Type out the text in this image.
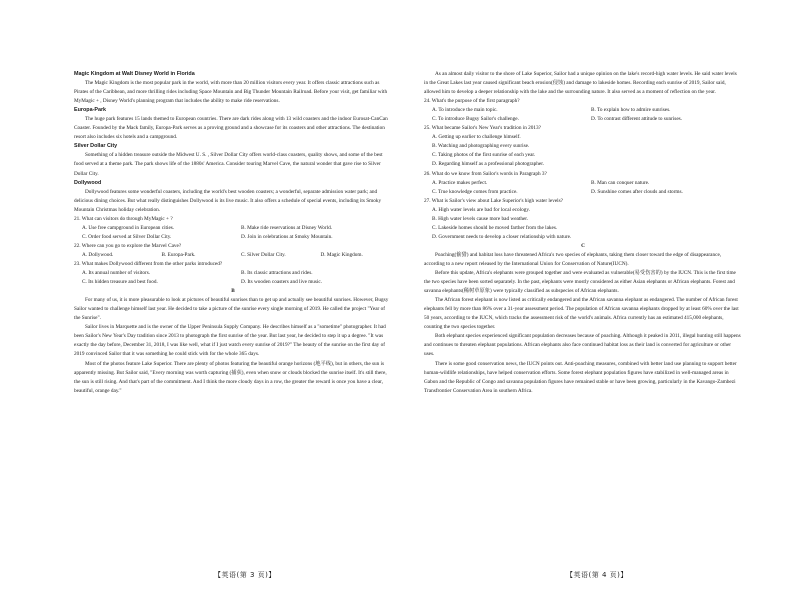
Magic Kingdom at Walt Disney World in Florida

The Magic Kingdom is the most popular park in the world, with more than 20 million visitors every year. It offers classic attractions such as Pirates of the Caribbean, and more thrilling rides including Space Mountain and Big Thunder Mountain Railroad. Before your visit, get familiar with MyMagic + , Disney World's planning program that includes the ability to make ride reservations.

Europa-Park

The huge park features 15 lands themed to European countries. There are dark rides along with 13 wild coasters and the indoor Eurosat-CanCan Coaster. Founded by the Mack family, Europa-Park serves as a proving ground and a showcase for its coasters and other attractions. The destination resort also includes six hotels and a campground.

Silver Dollar City

Something of a hidden treasure outside the Midwest U. S. , Silver Dollar City offers world-class coasters, quality shows, and some of the best food served at a theme park. The park shows life of the 1880s' America. Consider touring Marvel Cave, the natural wonder that gave rise to Silver Dollar City.

Dollywood

Dollywood features some wonderful coasters, including the world's best wooden coasters; a wonderful, separate admission water park; and delicious dining choices. But what really distinguishes Dollywood is its live music. It also offers a schedule of special events, including its Smoky Mountain Christmas holiday celebration.

21. What can visitors do through MyMagic + ?

A. Use free campground in European cities.	B. Make ride reservations at Disney World.
C. Order food served at Silver Dollar City.	D. Join in celebrations at Smoky Mountain.

22. Where can you go to explore the Marvel Cave?

A. Dollywood.	B. Europa-Park.	C. Silver Dollar City.	D. Magic Kingdom.

23. What makes Dollywood different from the other parks introduced?

A. Its annual number of visitors.	B. Its classic attractions and rides.
C. Its hidden treasure and best food.	D. Its wooden coasters and live music.

B

For many of us, it is more pleasurable to look at pictures of beautiful sunrises than to get up and actually see beautiful sunrises. However, Bugsy Sailor wanted to challenge himself last year. He decided to take a picture of the sunrise every single morning of 2019. He called the project "Year of the Sunrise".

Sailor lives in Marquette and is the owner of the Upper Peninsula Supply Company. He describes himself as a "sometime" photographer. It had been Sailor's New Year's Day tradition since 2013 to photograph the first sunrise of the year. But last year, he decided to step it up a degree. "It was exactly the day before, December 31, 2018, I was like well, what if I just watch every sunrise of 2019?" The beauty of the sunrise on the first day of 2019 convinced Sailor that it was something he could stick with for the whole 365 days.

Most of the photos feature Lake Superior. There are plenty of photos featuring the beautiful orange horizons (地平线), but in others, the sun is apparently missing. But Sailor said, "Every morning was worth capturing (捕获), even when snow or clouds blocked the sunrise itself. It's still there, the sun is still rising. And that's part of the commitment. And I think the more cloudy days in a row, the greater the reward is once you have a clear, beautiful, orange day."

As an almost daily visitor to the shore of Lake Superior, Sailor had a unique opinion on the lake's record-high water levels. He said water levels in the Great Lakes last year caused significant beach erosion(侵蚀) and damage to lakeside homes. Recording each sunrise of 2019, Sailor said, allowed him to develop a deeper relationship with the lake and the surrounding nature. It also served as a moment of reflection on the year.

24. What's the purpose of the first paragraph?

A. To introduce the main topic.	B. To explain how to admire sunrises.
C. To introduce Bugsy Sailor's challenge.	D. To contrast different attitude to sunrises.

25. What became Sailor's New Year's tradition in 2013?

A. Getting up earlier to challenge himself.

B. Watching and photographing every sunrise.

C. Taking photos of the first sunrise of each year.

D. Regarding himself as a professional photographer.

26. What do we know from Sailor's words in Paragraph 3?

A. Practice makes perfect.	B. Man can conquer nature.
C. True knowledge comes from practice.	D. Sunshine comes after clouds and storms.

27. What is Sailor's view about Lake Superior's high water levels?

A. High water levels are bad for local ecology.

B. High water levels cause more bad weather.

C. Lakeside homes should be moved farther from the lakes.

D. Government needs to develop a closer relationship with nature.

C

Poaching(偷猎) and habitat loss have threatened Africa's two species of elephants, taking them closer toward the edge of disappearance, according to a new report released by the International Union for Conservation of Nature(IUCN).

Before this update, Africa's elephants were grouped together and were evaluated as vulnerable(易受伤害的) by the IUCN. This is the first time the two species have been sorted separately. In the past, elephants were mostly considered as either Asian elephants or African elephants. Forest and savanna elephants(稀树草原象) were typically classified as subspecies of African elephants.

The African forest elephant is now listed as critically endangered and the African savanna elephant as endangered. The number of African forest elephants fell by more than 86% over a 31-year assessment period. The population of African savanna elephants dropped by at least 60% over the last 50 years, according to the IUCN, which tracks the assessment risk of the world's animals. Africa currently has an estimated 415,000 elephants, counting the two species together.

Both elephant species experienced significant population decreases because of poaching. Although it peaked in 2011, illegal hunting still happens and continues to threaten elephant populations. African elephants also face continued habitat loss as their land is converted for agriculture or other uses.

There is some good conservation news, the IUCN points out. Anti-poaching measures, combined with better land use planning to support better human-wildlife relationships, have helped conservation efforts. Some forest elephant population figures have stabilized in well-managed areas in Gabon and the Republic of Congo and savanna population figures have remained stable or have been growing, particularly in the Kavango-Zambezi Transfrontier Conservation Area in southern Africa.

【英语(第 3 页)】	【英语(第 4 页)】
